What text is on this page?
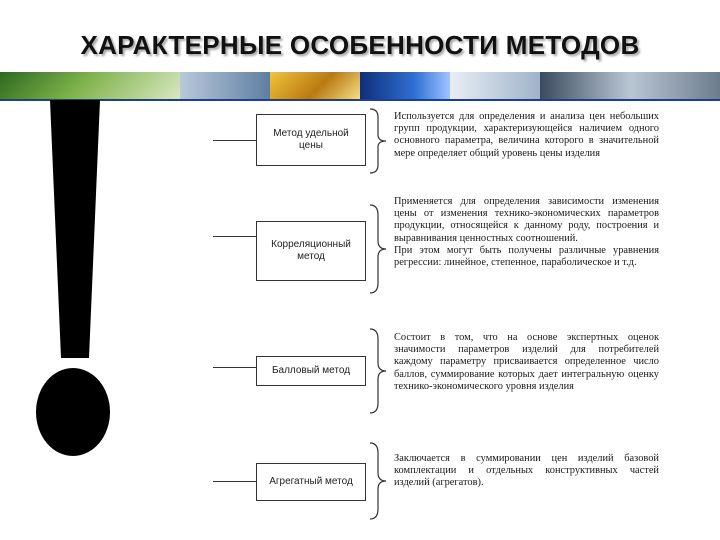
ХАРАКТЕРНЫЕ ОСОБЕННОСТИ МЕТОДОВ
Метод удельной цены

Используется для определения и анализа цен небольших групп продукции, характеризующейся наличием одного основного параметра, величина которого в значительной мере определяет общий уровень цены изделия

Корреляционный метод

Применяется для определения зависимости изменения цены от изменения технико-экономических параметров продукции, относящейся к данному роду, построения и выравнивания ценностных соотношений.

При этом могут быть получены различные уравнения регрессии: линейное, степенное, параболическое и т.д.

Балловый метод

Состоит в том, что на основе экспертных оценок значимости параметров изделий для потребителей каждому параметру присваивается определенное число баллов, суммирование которых дает интегральную оценку технико-экономического уровня изделия

Агрегатный метод

Заключается в суммировании цен изделий базовой комплектации и отдельных конструктивных частей изделий (агрегатов).
